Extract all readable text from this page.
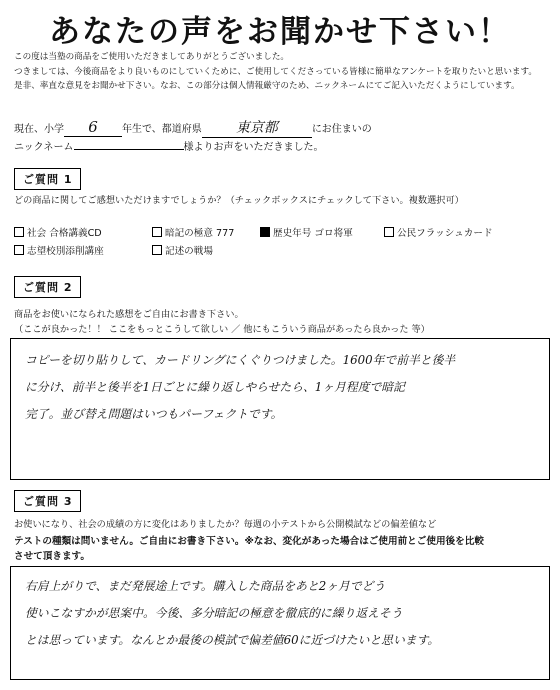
あなたの声をお聞かせ下さい！
この度は当塾の商品をご使用いただきましてありがとうございました。
つきましては、今後商品をより良いものにしていくために、ご使用してくださっている皆様に簡単なアンケートを取りたいと思います。
是非、率直な意見をお聞かせ下さい。なお、この部分は個人情報厳守のため、ニックネームにてご記入いただくようにしています。
現在、小学 6 年生で、都道府県 東京都	にお住まいの
ニックネーム	様よりお声をいただきました。
ご質問 1
どの商品に関してご感想いただけますでしょうか？（チェックボックスにチェックして下さい。複数選択可）
社会 合格講義CD	暗記の極意 777	歴史年号 ゴロ将軍	公民フラッシュカード
志望校別添削講座	記述の戦場
ご質問 2
商品をお使いになられた感想をご自由にお書き下さい。
（ここが良かった！！ ここをもっとこうして欲しい ／ 他にもこういう商品があったら良かった 等）
コピーを切り貼りして、カードリングにくぐりつけました。1600年で前半と後半
に分け、前半と後半を1日ごとに繰り返しやらせたら、1ヶ月程度で暗記
完了。並び替え問題はいつもパーフェクトです。
ご質問 3
お使いになり、社会の成績の方に変化はありましたか？毎週の小テストから公開模試などの偏差値など
テストの種類は問いません。ご自由にお書き下さい。※なお、変化があった場合はご使用前とご使用後を比較
させて頂きます。
右肩上がりで、まだ発展途上です。購入した商品をあと2ヶ月でどう
使いこなすかが思案中。今後、多分暗記の極意を徹底的に繰り返えそう
とは思っています。なんとか最後の模試で偏差値60に近づけたいと思います。
